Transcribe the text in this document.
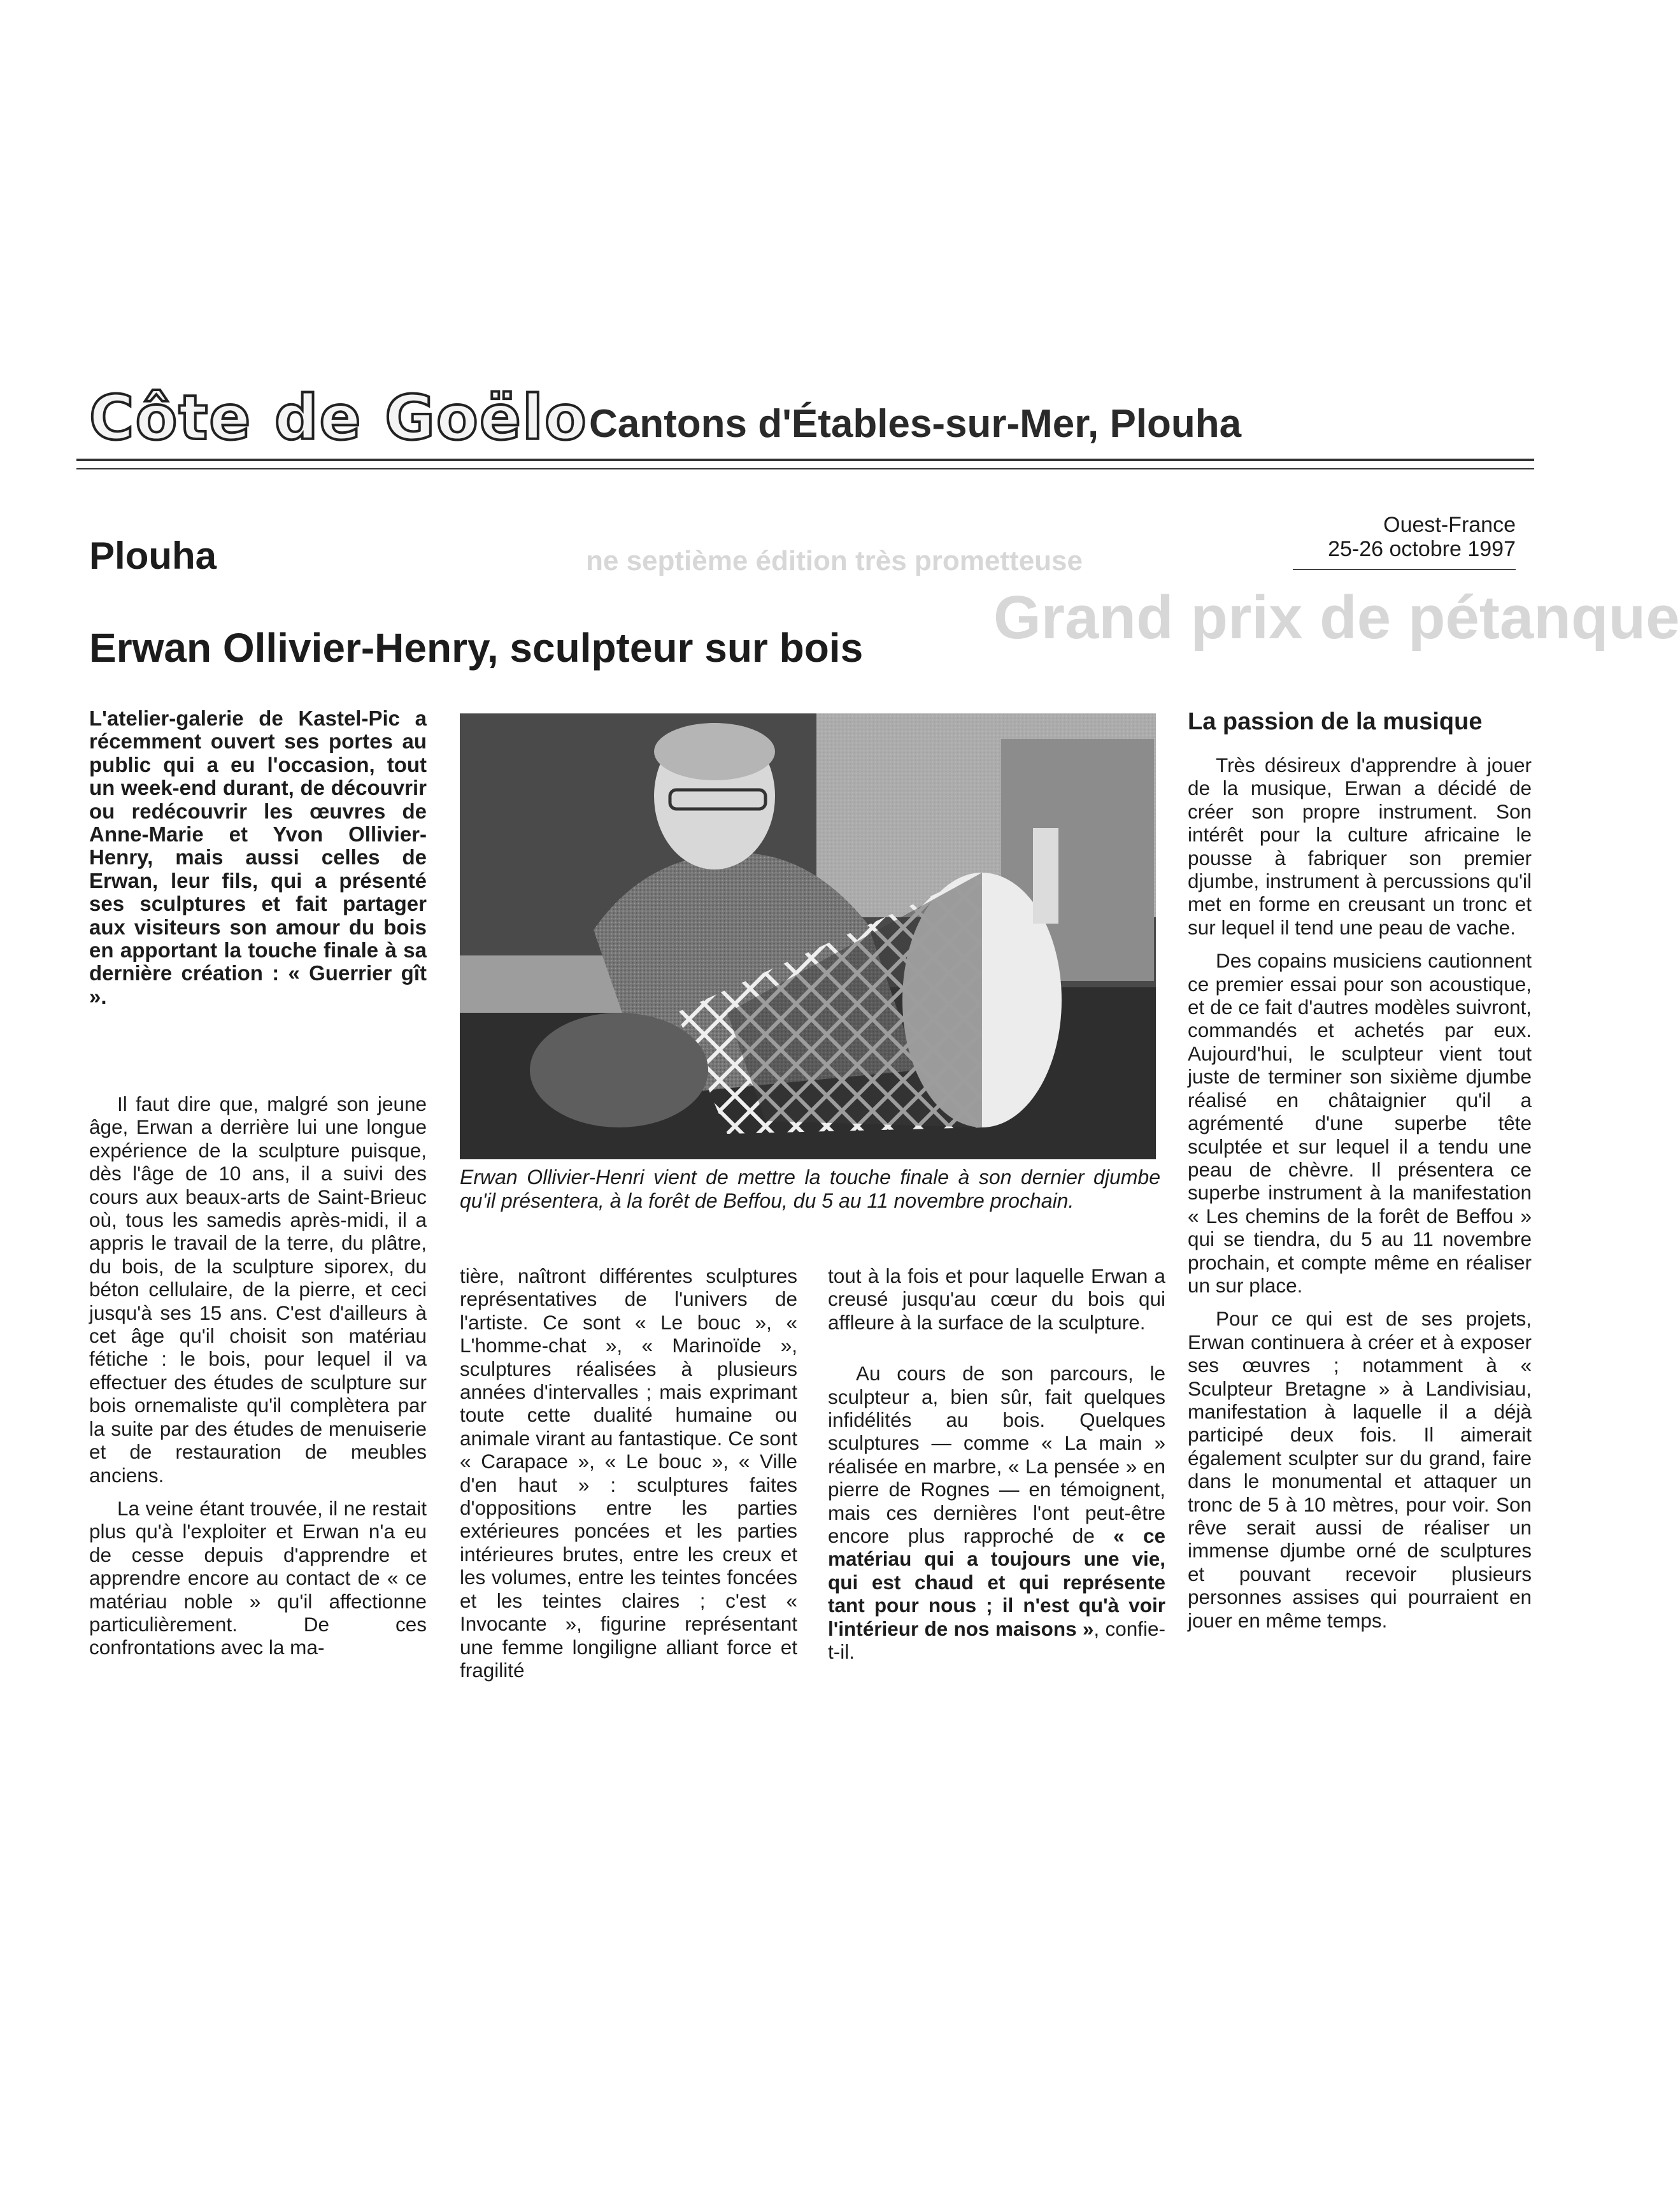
ne septième édition très prometteuse
Grand prix de pétanque
Côte de Goëlo Cantons d'Étables-sur-Mer, Plouha
Plouha
Ouest-France
25-26 octobre 1997
Erwan Ollivier-Henry, sculpteur sur bois

L'atelier-galerie de Kastel-Pic a récemment ouvert ses portes au public qui a eu l'occasion, tout un week-end durant, de découvrir ou redécouvrir les œuvres de Anne-Marie et Yvon Ollivier-Henry, mais aussi celles de Erwan, leur fils, qui a présenté ses sculptures et fait partager aux visiteurs son amour du bois en apportant la touche finale à sa dernière création : « Guerrier gît ».

Erwan Ollivier-Henri vient de mettre la touche finale à son dernier djumbe qu'il présentera, à la forêt de Beffou, du 5 au 11 novembre prochain.

Il faut dire que, malgré son jeune âge, Erwan a derrière lui une longue expérience de la sculpture puisque, dès l'âge de 10 ans, il a suivi des cours aux beaux-arts de Saint-Brieuc où, tous les samedis après-midi, il a appris le travail de la terre, du plâtre, du bois, de la sculpture siporex, du béton cellulaire, de la pierre, et ceci jusqu'à ses 15 ans. C'est d'ailleurs à cet âge qu'il choisit son matériau fétiche : le bois, pour lequel il va effectuer des études de sculpture sur bois ornemaliste qu'il complètera par la suite par des études de menuiserie et de restauration de meubles anciens.

La veine étant trouvée, il ne restait plus qu'à l'exploiter et Erwan n'a eu de cesse depuis d'apprendre et apprendre encore au contact de « ce matériau noble » qu'il affectionne particulièrement. De ces confrontations avec la ma-

tière, naîtront différentes sculptures représentatives de l'univers de l'artiste. Ce sont « Le bouc », « L'homme-chat », « Marinoïde », sculptures réalisées à plusieurs années d'intervalles ; mais exprimant toute cette dualité humaine ou animale virant au fantastique. Ce sont « Carapace », « Le bouc », « Ville d'en haut » : sculptures faites d'oppositions entre les parties extérieures poncées et les parties intérieures brutes, entre les creux et les volumes, entre les teintes foncées et les teintes claires ; c'est « Invocante », figurine représentant une femme longiligne alliant force et fragilité

tout à la fois et pour laquelle Erwan a creusé jusqu'au cœur du bois qui affleure à la surface de la sculpture.

Au cours de son parcours, le sculpteur a, bien sûr, fait quelques infidélités au bois. Quelques sculptures — comme « La main » réalisée en marbre, « La pensée » en pierre de Rognes — en témoignent, mais ces dernières l'ont peut-être encore plus rapproché de « ce matériau qui a toujours une vie, qui est chaud et qui représente tant pour nous ; il n'est qu'à voir l'intérieur de nos maisons », confie-t-il.

La passion de la musique

Très désireux d'apprendre à jouer de la musique, Erwan a décidé de créer son propre instrument. Son intérêt pour la culture africaine le pousse à fabriquer son premier djumbe, instrument à percussions qu'il met en forme en creusant un tronc et sur lequel il tend une peau de vache.

Des copains musiciens cautionnent ce premier essai pour son acoustique, et de ce fait d'autres modèles suivront, commandés et achetés par eux. Aujourd'hui, le sculpteur vient tout juste de terminer son sixième djumbe réalisé en châtaignier qu'il a agrémenté d'une superbe tête sculptée et sur lequel il a tendu une peau de chèvre. Il présentera ce superbe instrument à la manifestation « Les chemins de la forêt de Beffou » qui se tiendra, du 5 au 11 novembre prochain, et compte même en réaliser un sur place.

Pour ce qui est de ses projets, Erwan continuera à créer et à exposer ses œuvres ; notamment à « Sculpteur Bretagne » à Landivisiau, manifestation à laquelle il a déjà participé deux fois. Il aimerait également sculpter sur du grand, faire dans le monumental et attaquer un tronc de 5 à 10 mètres, pour voir. Son rêve serait aussi de réaliser un immense djumbe orné de sculptures et pouvant recevoir plusieurs personnes assises qui pourraient en jouer en même temps.
